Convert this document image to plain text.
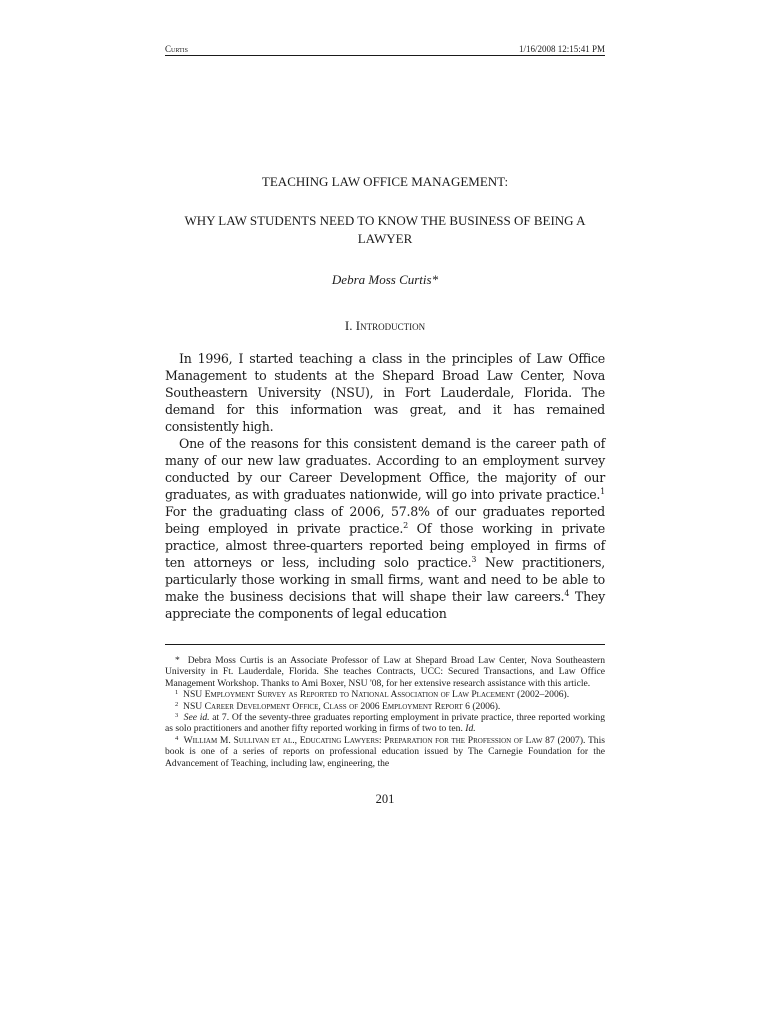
Curtis	1/16/2008 12:15:41 PM
TEACHING LAW OFFICE MANAGEMENT:
WHY LAW STUDENTS NEED TO KNOW THE BUSINESS OF BEING A LAWYER
Debra Moss Curtis*
I. Introduction

In 1996, I started teaching a class in the principles of Law Office Management to students at the Shepard Broad Law Center, Nova Southeastern University (NSU), in Fort Lauderdale, Florida. The demand for this information was great, and it has remained consistently high.

One of the reasons for this consistent demand is the career path of many of our new law graduates. According to an employment survey conducted by our Career Development Office, the majority of our graduates, as with graduates nationwide, will go into private practice.$^1$ For the graduating class of 2006, 57.8% of our graduates reported being employed in private practice.$^2$ Of those working in private practice, almost three-quarters reported being employed in firms of ten attorneys or less, including solo practice.$^3$ New practitioners, particularly those working in small firms, want and need to be able to make the business decisions that will shape their law careers.$^4$ They appreciate the components of legal education

* Debra Moss Curtis is an Associate Professor of Law at Shepard Broad Law Center, Nova Southeastern University in Ft. Lauderdale, Florida. She teaches Contracts, UCC: Secured Transactions, and Law Office Management Workshop. Thanks to Ami Boxer, NSU '08, for her extensive research assistance with this article.

$^1$ NSU Employment Survey as Reported to National Association of Law Placement (2002–2006).

$^2$ NSU Career Development Office, Class of 2006 Employment Report 6 (2006).

$^3$ See id. at 7. Of the seventy-three graduates reporting employment in private practice, three reported working as solo practitioners and another fifty reported working in firms of two to ten. Id.

$^4$ William M. Sullivan et al., Educating Lawyers: Preparation for the Profession of Law 87 (2007). This book is one of a series of reports on professional education issued by The Carnegie Foundation for the Advancement of Teaching, including law, engineering, the

201
